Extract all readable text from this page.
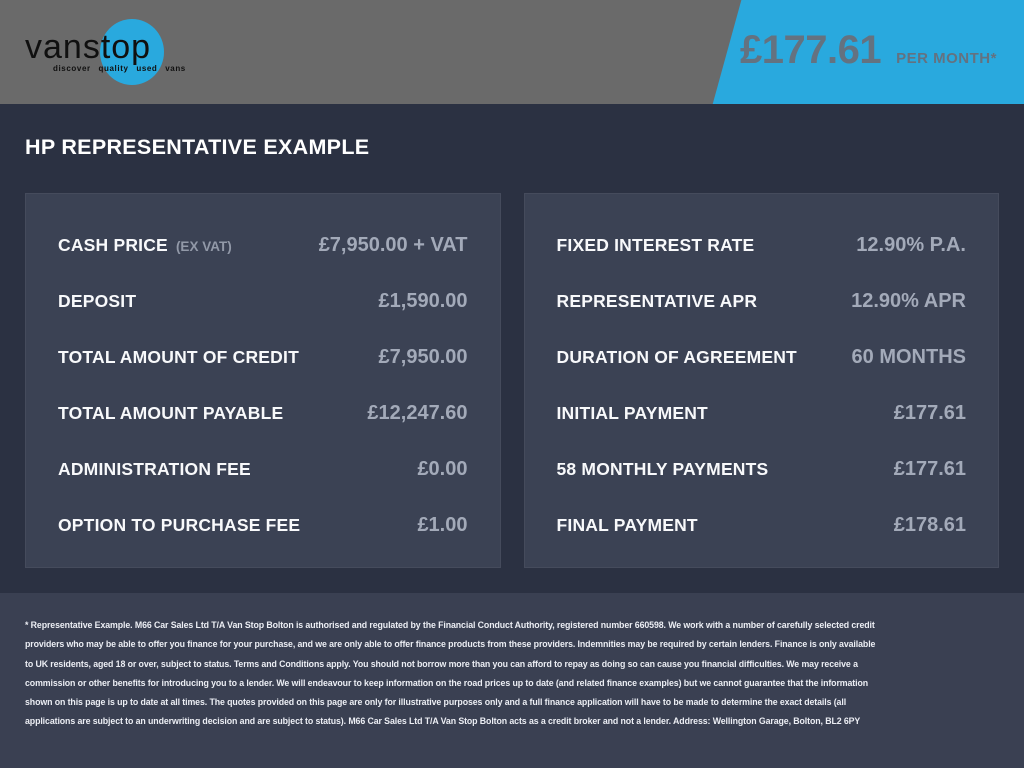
vanstop
discover quality used vans	£177.61 PER MONTH*
HP REPRESENTATIVE EXAMPLE
CASH PRICE (EX VAT)	£7,950.00 + VAT
DEPOSIT	£1,590.00
TOTAL AMOUNT OF CREDIT	£7,950.00
TOTAL AMOUNT PAYABLE	£12,247.60
ADMINISTRATION FEE	£0.00
OPTION TO PURCHASE FEE	£1.00
FIXED INTEREST RATE	12.90% P.A.
REPRESENTATIVE APR	12.90% APR
DURATION OF AGREEMENT	60 MONTHS
INITIAL PAYMENT	£177.61
58 MONTHLY PAYMENTS	£177.61
FINAL PAYMENT	£178.61
* Representative Example. M66 Car Sales Ltd T/A Van Stop Bolton is authorised and regulated by the Financial Conduct Authority, registered number 660598. We work with a number of carefully selected credit
providers who may be able to offer you finance for your purchase, and we are only able to offer finance products from these providers. Indemnities may be required by certain lenders. Finance is only available
to UK residents, aged 18 or over, subject to status. Terms and Conditions apply. You should not borrow more than you can afford to repay as doing so can cause you financial difficulties. We may receive a
commission or other benefits for introducing you to a lender. We will endeavour to keep information on the road prices up to date (and related finance examples) but we cannot guarantee that the information
shown on this page is up to date at all times. The quotes provided on this page are only for illustrative purposes only and a full finance application will have to be made to determine the exact details (all
applications are subject to an underwriting decision and are subject to status). M66 Car Sales Ltd T/A Van Stop Bolton acts as a credit broker and not a lender. Address: Wellington Garage, Bolton, BL2 6PY
